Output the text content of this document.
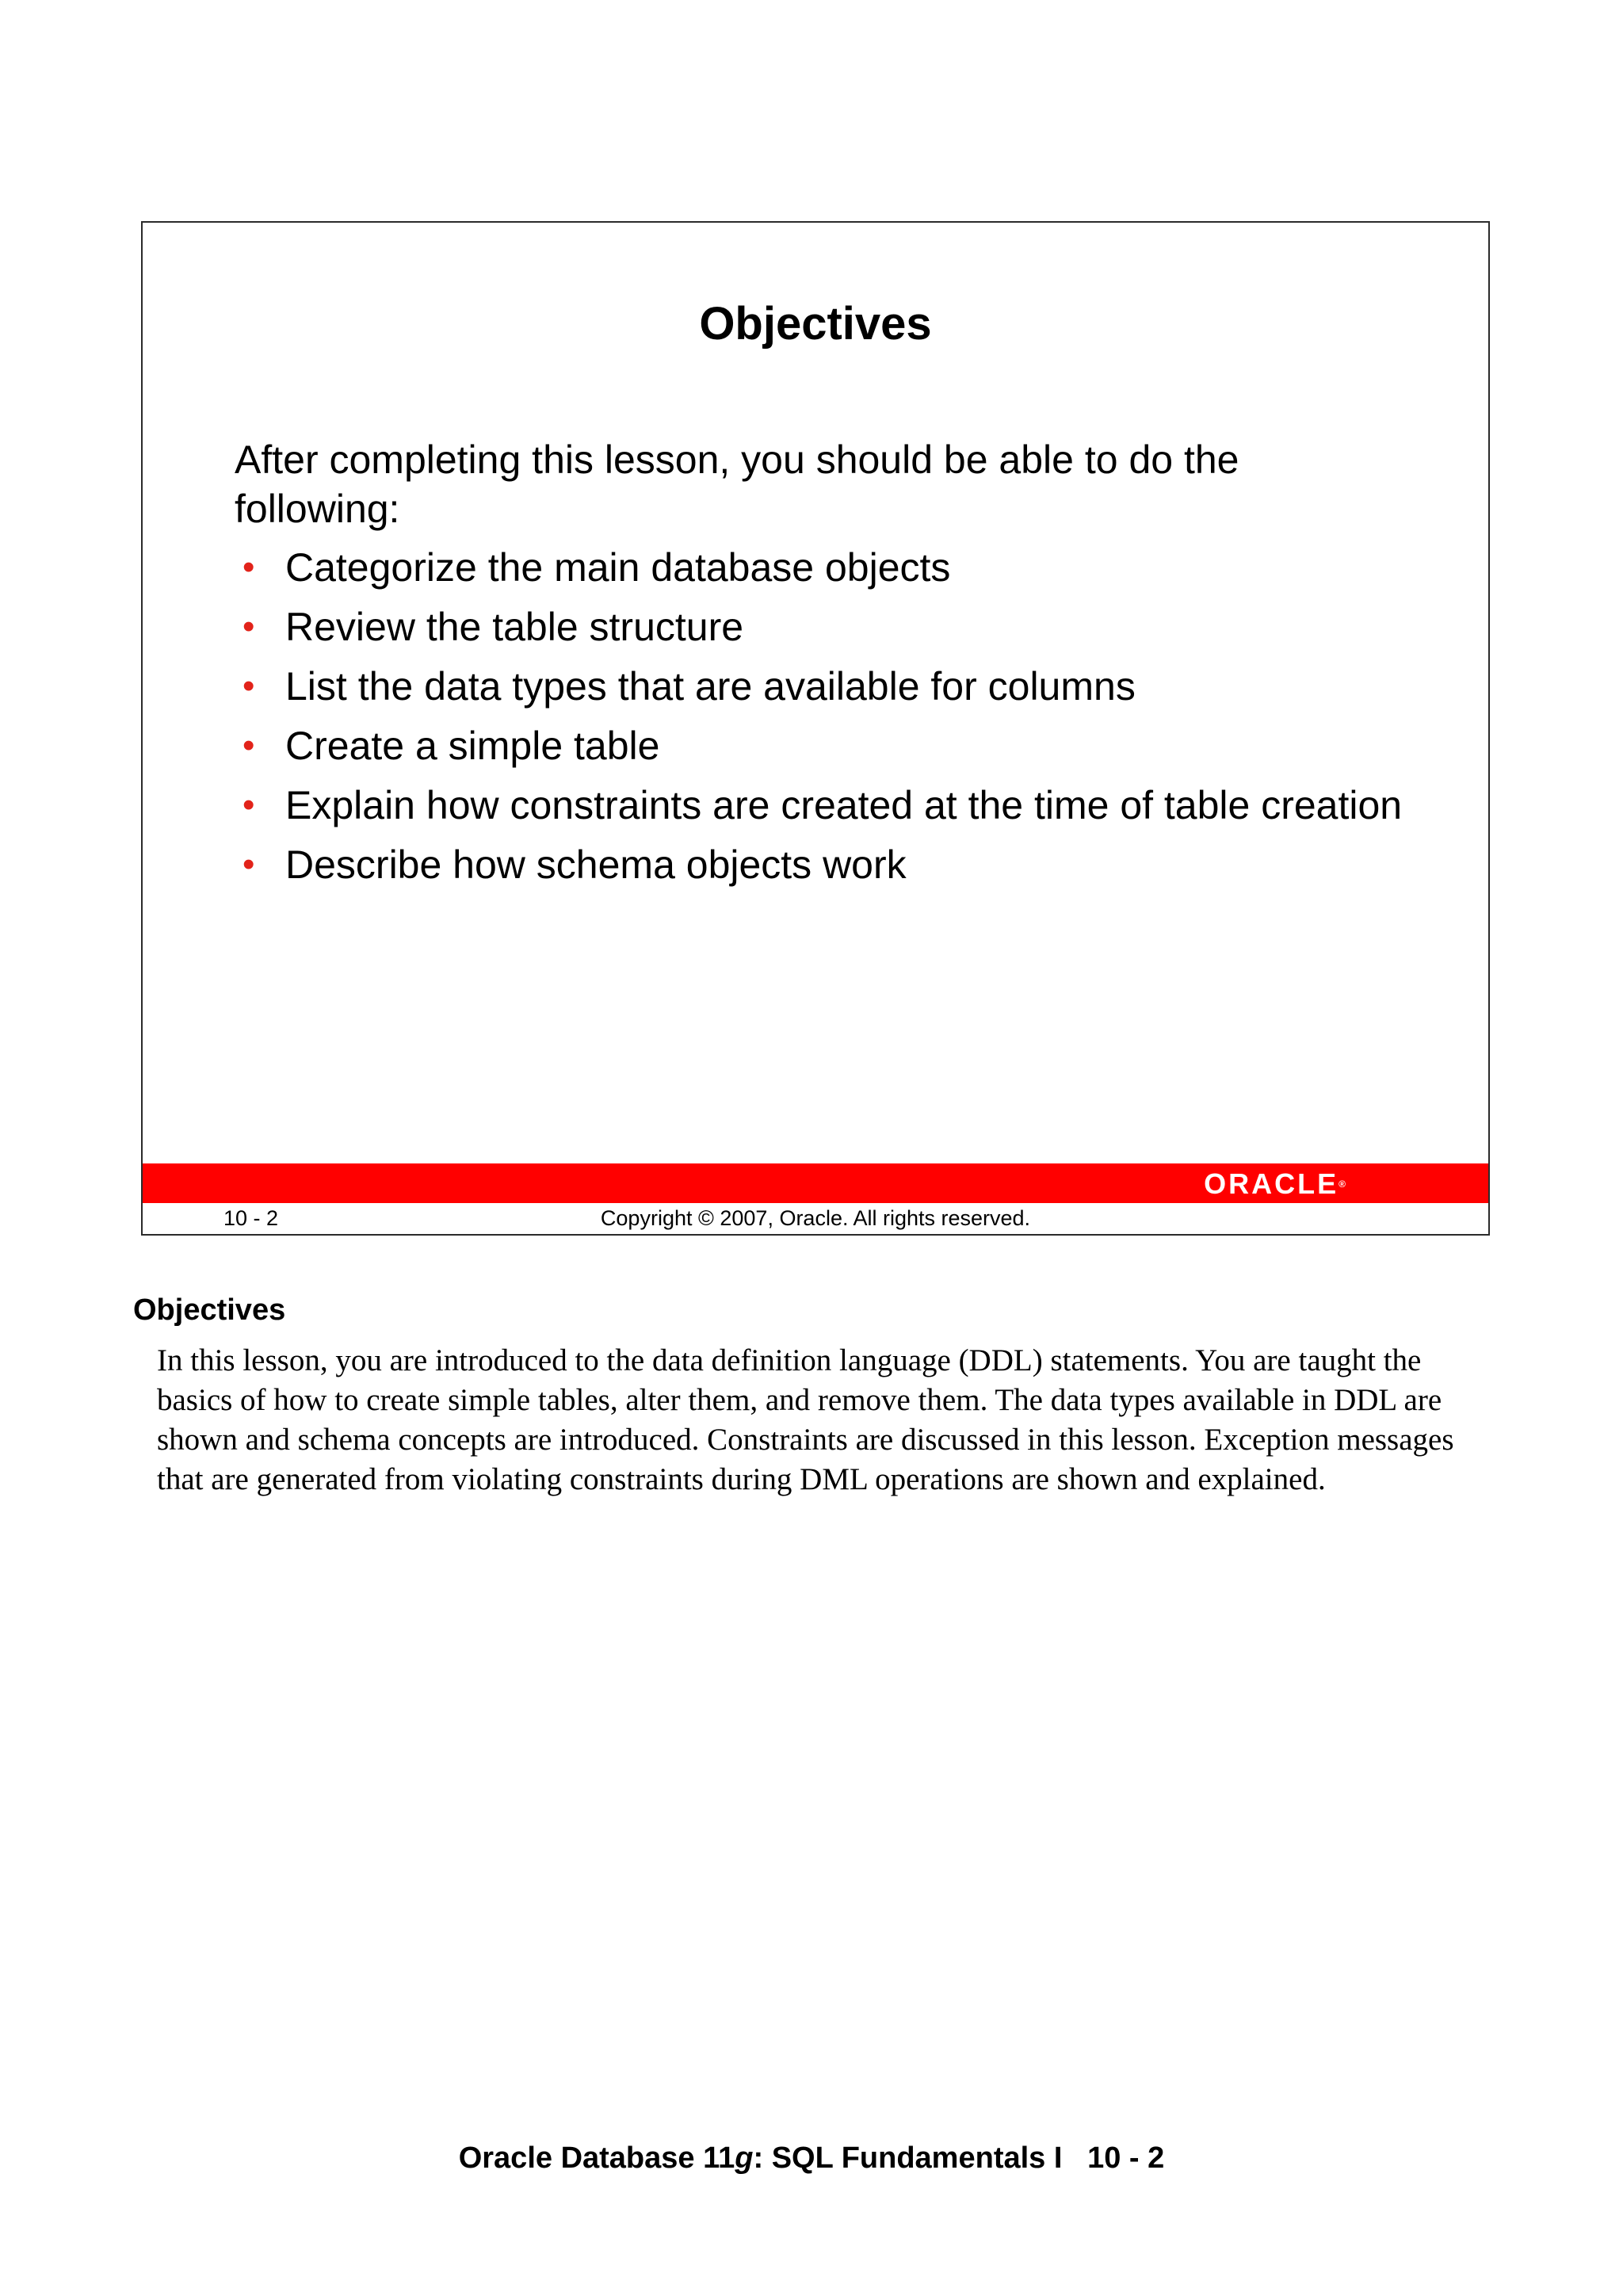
Objectives

After completing this lesson, you should be able to do the following:

• Categorize the main database objects
• Review the table structure
• List the data types that are available for columns
• Create a simple table
• Explain how constraints are created at the time of table creation
• Describe how schema objects work
ORACLE®
10 - 2	Copyright © 2007, Oracle. All rights reserved.
Objectives

In this lesson, you are introduced to the data definition language (DDL) statements. You are taught the basics of how to create simple tables, alter them, and remove them. The data types available in DDL are shown and schema concepts are introduced. Constraints are discussed in this lesson. Exception messages that are generated from violating constraints during DML operations are shown and explained.

Oracle Database 11g: SQL Fundamentals I 10 - 2
